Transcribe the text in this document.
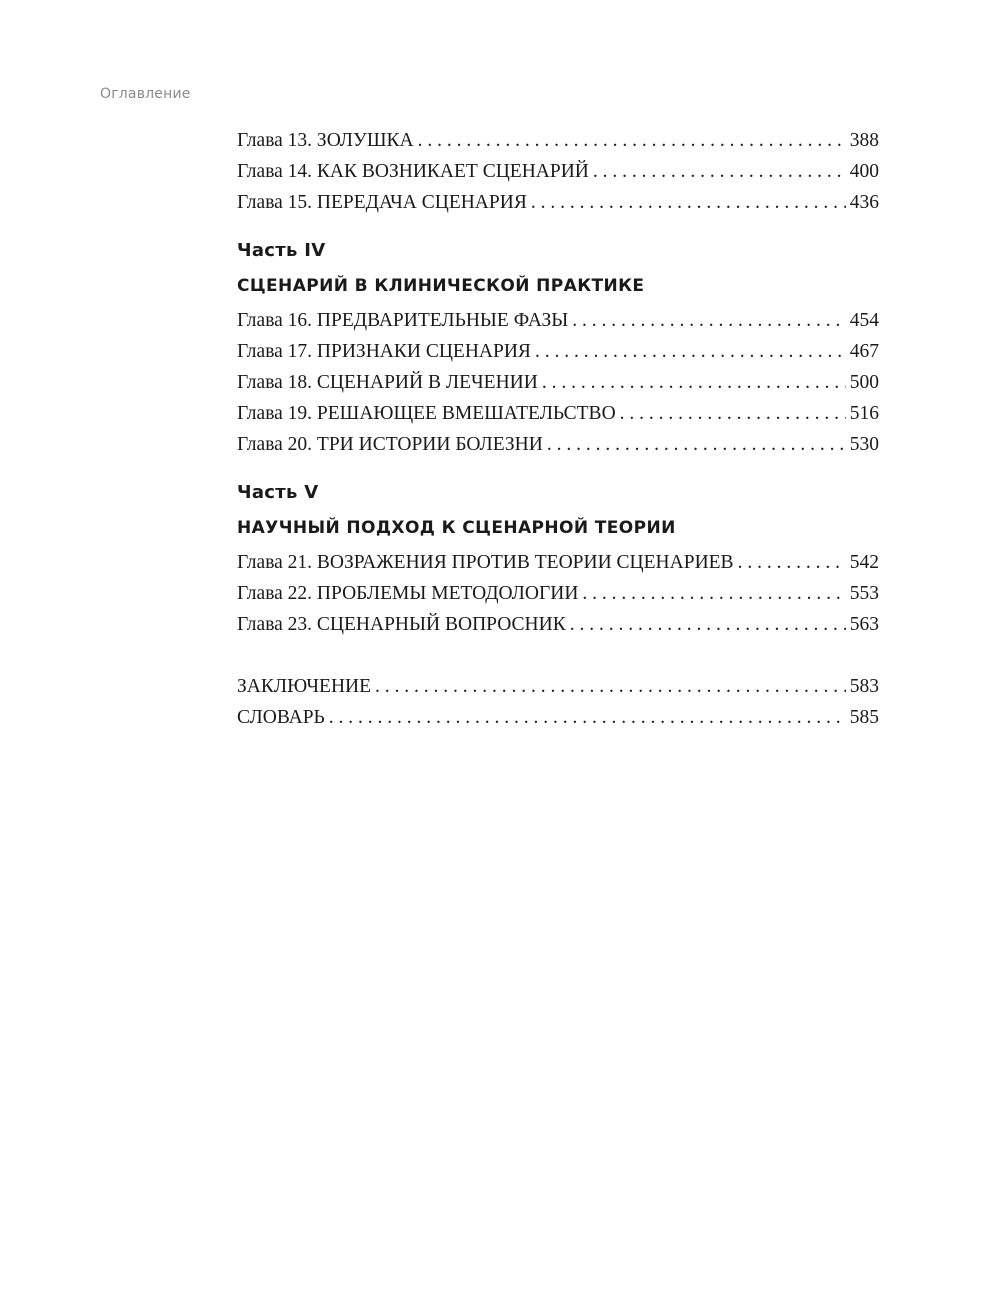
Оглавление
Глава 13. ЗОЛУШКА . . .	388
Глава 14. КАК ВОЗНИКАЕТ СЦЕНАРИЙ . . .	400
Глава 15. ПЕРЕДАЧА СЦЕНАРИЯ . . .	436
Часть IV
СЦЕНАРИЙ В КЛИНИЧЕСКОЙ ПРАКТИКЕ
Глава 16. ПРЕДВАРИТЕЛЬНЫЕ ФАЗЫ . . .	454
Глава 17. ПРИЗНАКИ СЦЕНАРИЯ . . .	467
Глава 18. СЦЕНАРИЙ В ЛЕЧЕНИИ . . .	500
Глава 19. РЕШАЮЩЕЕ ВМЕШАТЕЛЬСТВО . . .	516
Глава 20. ТРИ ИСТОРИИ БОЛЕЗНИ . . .	530
Часть V
НАУЧНЫЙ ПОДХОД К СЦЕНАРНОЙ ТЕОРИИ
Глава 21. ВОЗРАЖЕНИЯ ПРОТИВ ТЕОРИИ СЦЕНАРИЕВ . . .	542
Глава 22. ПРОБЛЕМЫ МЕТОДОЛОГИИ . . .	553
Глава 23. СЦЕНАРНЫЙ ВОПРОСНИК . . .	563
ЗАКЛЮЧЕНИЕ . . .	583
СЛОВАРЬ . . .	585
